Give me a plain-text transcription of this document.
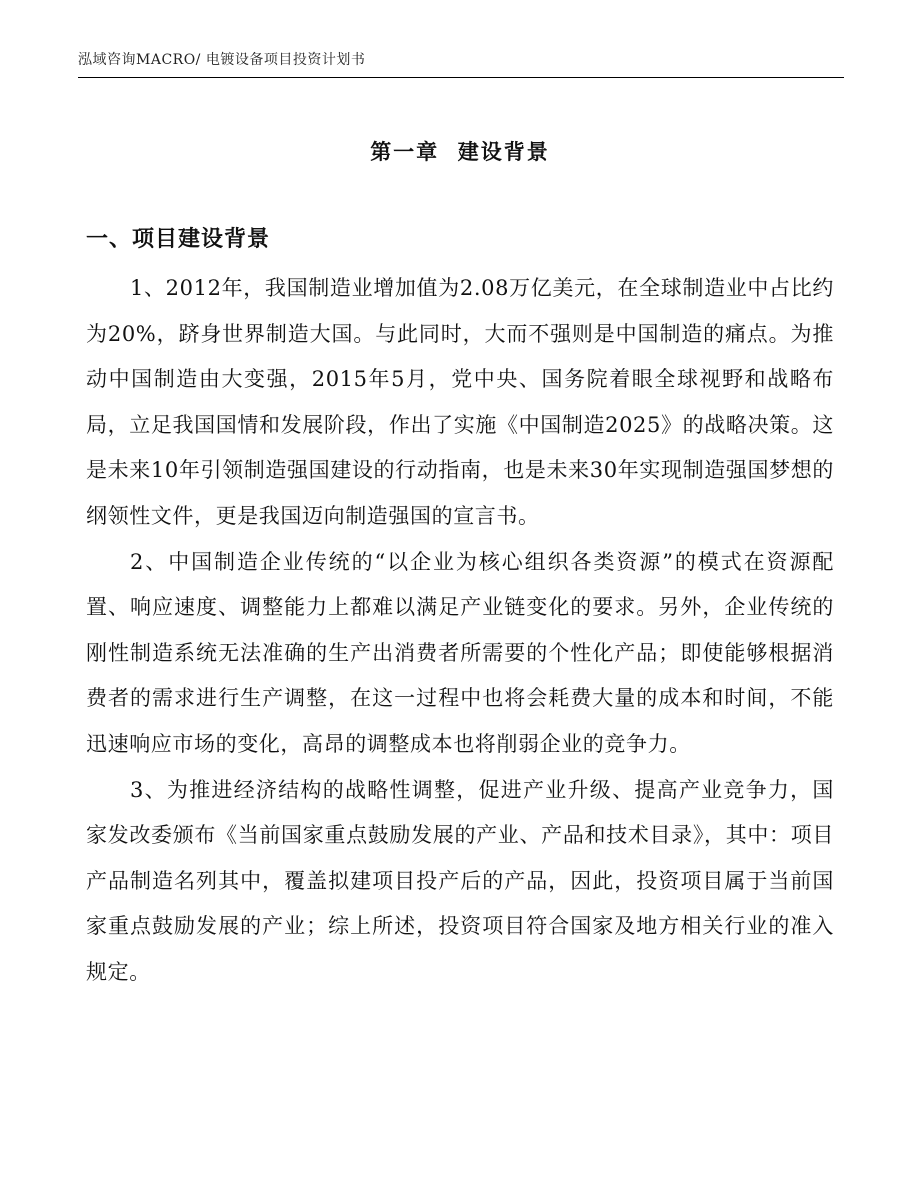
泓域咨询MACRO/ 电镀设备项目投资计划书
第一章  建设背景
一、项目建设背景

1、2012年，我国制造业增加值为2.08万亿美元，在全球制造业中占比约为20%，跻身世界制造大国。与此同时，大而不强则是中国制造的痛点。为推动中国制造由大变强，2015年5月，党中央、国务院着眼全球视野和战略布局，立足我国国情和发展阶段，作出了实施《中国制造2025》的战略决策。这是未来10年引领制造强国建设的行动指南，也是未来30年实现制造强国梦想的纲领性文件，更是我国迈向制造强国的宣言书。

2、中国制造企业传统的“以企业为核心组织各类资源”的模式在资源配置、响应速度、调整能力上都难以满足产业链变化的要求。另外，企业传统的刚性制造系统无法准确的生产出消费者所需要的个性化产品；即使能够根据消费者的需求进行生产调整，在这一过程中也将会耗费大量的成本和时间，不能迅速响应市场的变化，高昂的调整成本也将削弱企业的竞争力。

3、为推进经济结构的战略性调整，促进产业升级、提高产业竞争力，国家发改委颁布《当前国家重点鼓励发展的产业、产品和技术目录》，其中：项目产品制造名列其中，覆盖拟建项目投产后的产品，因此，投资项目属于当前国家重点鼓励发展的产业；综上所述，投资项目符合国家及地方相关行业的准入规定。
